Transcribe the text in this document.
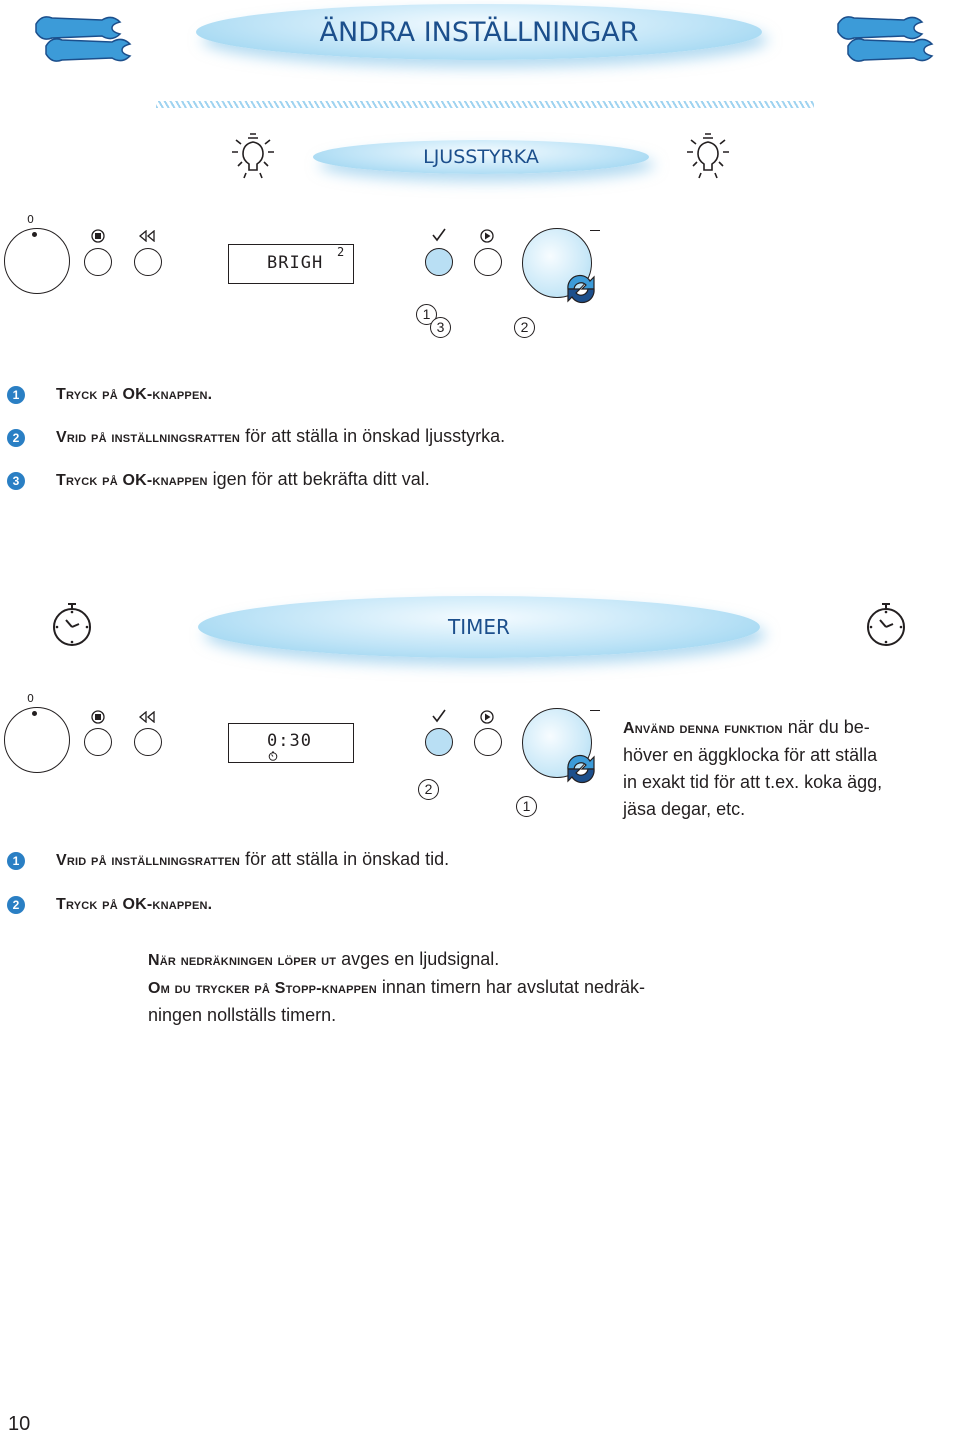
ÄNDRA INSTÄLLNINGAR
LJUSSTYRKA
0
BRIGH
2
1
3	2
1	Tryck på OK-knappen.
2	Vrid på inställningsratten för att ställa in önskad ljusstyrka.
3	Tryck på OK-knappen igen för att bekräfta ditt val.
TIMER
0
0:30
2
1
Använd denna funktion när du be-
höver en äggklocka för att ställa
in exakt tid för att t.ex. koka ägg,
jäsa degar, etc.
1	Vrid på inställningsratten för att ställa in önskad tid.
2	Tryck på OK-knappen.
När nedräkningen löper ut avges en ljudsignal.
Om du trycker på Stopp-knappen innan timern har avslutat nedräk-
ningen nollställs timern.
10
